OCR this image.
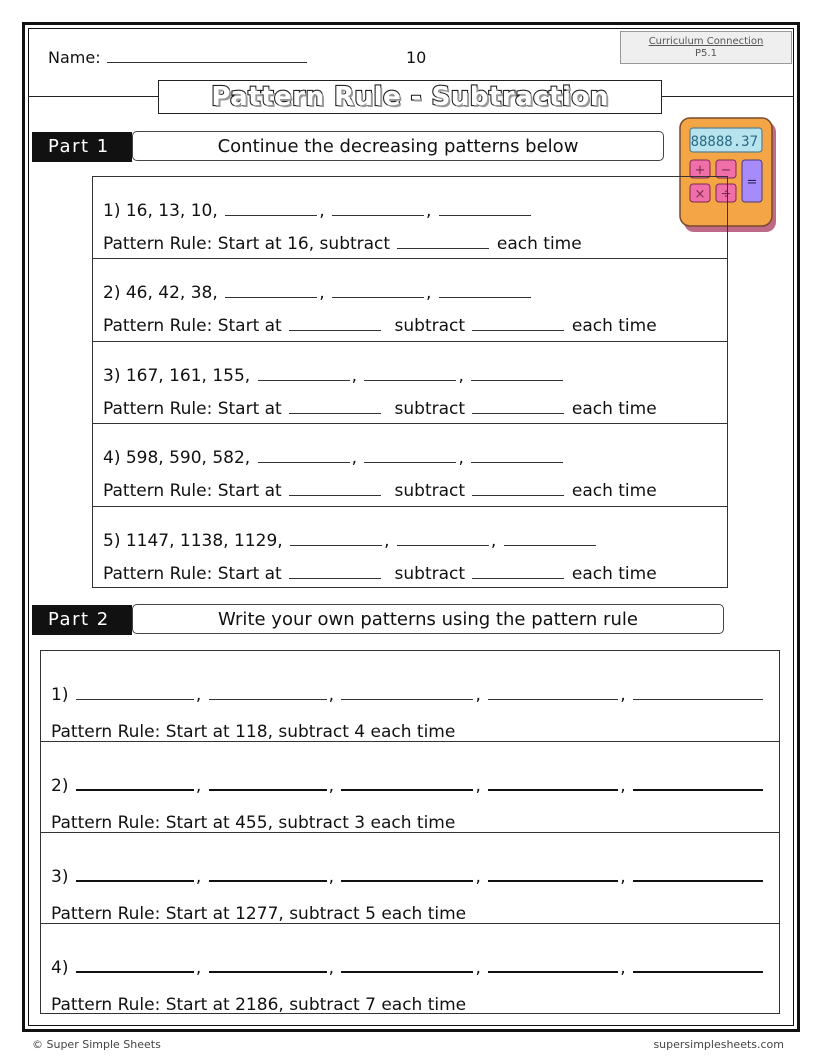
Name:	10
Curriculum Connection
P5.1
Pattern Rule - Subtraction
88888.37
+ −
× ÷
=
Part 1	Continue the decreasing patterns below
1) 16, 13, 10,	,	,
Pattern Rule: Start at 16, subtract	each time
2) 46, 42, 38,	,	,
Pattern Rule: Start at	subtract	each time
3) 167, 161, 155,	,	,
Pattern Rule: Start at	subtract	each time
4) 598, 590, 582,	,	,
Pattern Rule: Start at	subtract	each time
5) 1147, 1138, 1129,	,	,
Pattern Rule: Start at	subtract	each time
Part 2	Write your own patterns using the pattern rule
1)	,	,	,	,
Pattern Rule: Start at 118, subtract 4 each time
2)	,	,	,	,
Pattern Rule: Start at 455, subtract 3 each time
3)	,	,	,	,
Pattern Rule: Start at 1277, subtract 5 each time
4)	,	,	,	,
Pattern Rule: Start at 2186, subtract 7 each time
© Super Simple Sheets	supersimplesheets.com
